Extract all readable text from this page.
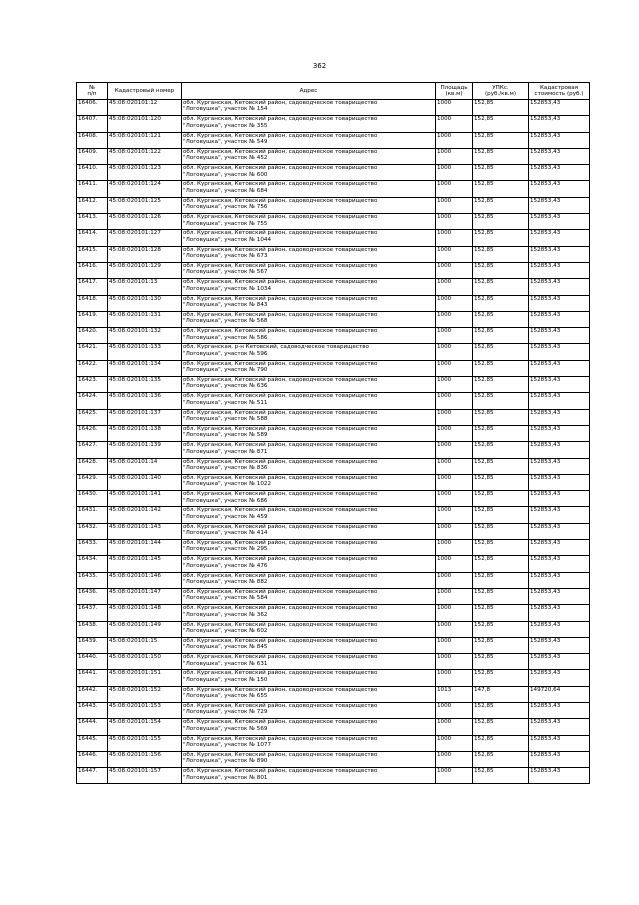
362
№
п/п	Кадастровый номер	Адрес	Площадь
(кв.м)	УПКс.
(руб./кв.м)	Кадастровая
стоимость (руб.)
16406.	45:08:020101:12	обл. Курганская, Кетовский район, садоводческое товарищество
"Логовушка", участок № 154	1000	152,85	152853,43
16407.	45:08:020101:120	обл. Курганская, Кетовский район, садоводческое товарищество
"Логовушка", участок № 355	1000	152,85	152853,43
16408.	45:08:020101:121	обл. Курганская, Кетовский район, садоводческое товарищество
"Логовушка", участок № 549	1000	152,85	152853,43
16409.	45:08:020101:122	обл. Курганская, Кетовский район, садоводческое товарищество
"Логовушка", участок № 452	1000	152,85	152853,43
16410.	45:08:020101:123	обл. Курганская, Кетовский район, садоводческое товарищество
"Логовушка", участок № 600	1000	152,85	152853,43
16411.	45:08:020101:124	обл. Курганская, Кетовский район, садоводческое товарищество
"Логовушка", участок № 684	1000	152,85	152853,43
16412.	45:08:020101:125	обл. Курганская, Кетовский район, садоводческое товарищество
"Логовушка", участок № 756	1000	152,85	152853,43
16413.	45:08:020101:126	обл. Курганская, Кетовский район, садоводческое товарищество
"Логовушка", участок № 755	1000	152,85	152853,43
16414.	45:08:020101:127	обл. Курганская, Кетовский район, садоводческое товарищество
"Логовушка", участок № 1044	1000	152,85	152853,43
16415.	45:08:020101:128	обл. Курганская, Кетовский район, садоводческое товарищество
"Логовушка", участок № 673	1000	152,85	152853,43
16416.	45:08:020101:129	обл. Курганская, Кетовский район, садоводческое товарищество
"Логовушка", участок № 567	1000	152,85	152853,43
16417.	45:08:020101:13	обл. Курганская, Кетовский район, садоводческое товарищество
"Логовушка", участок № 1034	1000	152,85	152853,43
16418.	45:08:020101:130	обл. Курганская, Кетовский район, садоводческое товарищество
"Логовушка", участок № 843	1000	152,85	152853,43
16419.	45:08:020101:131	обл. Курганская, Кетовский район, садоводческое товарищество
"Логовушка", участок № 568	1000	152,85	152853,43
16420.	45:08:020101:132	обл. Курганская, Кетовский район, садоводческое товарищество
"Логовушка", участок № 586	1000	152,85	152853,43
16421.	45:08:020101:133	обл. Курганская, р-н Кетовский, садоводческое товарищество
"Логовушка", участок № 596	1000	152,85	152853,43
16422.	45:08:020101:134	обл. Курганская, Кетовский район, садоводческое товарищество
"Логовушка", участок № 790	1000	152,85	152853,43
16423.	45:08:020101:135	обл. Курганская, Кетовский район, садоводческое товарищество
"Логовушка", участок № 636	1000	152,85	152853,43
16424.	45:08:020101:136	обл. Курганская, Кетовский район, садоводческое товарищество
"Логовушка", участок № 511	1000	152,85	152853,43
16425.	45:08:020101:137	обл. Курганская, Кетовский район, садоводческое товарищество
"Логовушка", участок № 588	1000	152,85	152853,43
16426.	45:08:020101:138	обл. Курганская, Кетовский район, садоводческое товарищество
"Логовушка", участок № 589	1000	152,85	152853,43
16427.	45:08:020101:139	обл. Курганская, Кетовский район, садоводческое товарищество
"Логовушка", участок № 871	1000	152,85	152853,43
16428.	45:08:020101:14	обл. Курганская, Кетовский район, садоводческое товарищество
"Логовушка", участок № 836	1000	152,85	152853,43
16429.	45:08:020101:140	обл. Курганская, Кетовский район, садоводческое товарищество
"Логовушка", участок № 1022	1000	152,85	152853,43
16430.	45:08:020101:141	обл. Курганская, Кетовский район, садоводческое товарищество
"Логовушка", участок № 686	1000	152,85	152853,43
16431.	45:08:020101:142	обл. Курганская, Кетовский район, садоводческое товарищество
"Логовушка", участок № 459	1000	152,85	152853,43
16432.	45:08:020101:143	обл. Курганская, Кетовский район, садоводческое товарищество
"Логовушка", участок № 414	1000	152,85	152853,43
16433.	45:08:020101:144	обл. Курганская, Кетовский район, садоводческое товарищество
"Логовушка", участок № 295	1000	152,85	152853,43
16434.	45:08:020101:145	обл. Курганская, Кетовский район, садоводческое товарищество
"Логовушка", участок № 476	1000	152,85	152853,43
16435.	45:08:020101:146	обл. Курганская, Кетовский район, садоводческое товарищество
"Логовушка", участок № 882	1000	152,85	152853,43
16436.	45:08:020101:147	обл. Курганская, Кетовский район, садоводческое товарищество
"Логовушка", участок № 584	1000	152,85	152853,43
16437.	45:08:020101:148	обл. Курганская, Кетовский район, садоводческое товарищество
"Логовушка", участок № 362	1000	152,85	152853,43
16438.	45:08:020101:149	обл. Курганская, Кетовский район, садоводческое товарищество
"Логовушка", участок № 602	1000	152,85	152853,43
16439.	45:08:020101:15	обл. Курганская, Кетовский район, садоводческое товарищество
"Логовушка", участок № 845	1000	152,85	152853,43
16440.	45:08:020101:150	обл. Курганская, Кетовский район, садоводческое товарищество
"Логовушка", участок № 631	1000	152,85	152853,43
16441.	45:08:020101:151	обл. Курганская, Кетовский район, садоводческое товарищество
"Логовушка", участок № 150	1000	152,85	152853,43
16442.	45:08:020101:152	обл. Курганская, Кетовский район, садоводческое товарищество
"Логовушка", участок № 655	1013	147,8	149720,64
16443.	45:08:020101:153	обл. Курганская, Кетовский район, садоводческое товарищество
"Логовушка", участок № 729	1000	152,85	152853,43
16444.	45:08:020101:154	обл. Курганская, Кетовский район, садоводческое товарищество
"Логовушка", участок № 569	1000	152,85	152853,43
16445.	45:08:020101:155	обл. Курганская, Кетовский район, садоводческое товарищество
"Логовушка", участок № 1077	1000	152,85	152853,43
16446.	45:08:020101:156	обл. Курганская, Кетовский район, садоводческое товарищество
"Логовушка", участок № 890	1000	152,85	152853,43
16447.	45:08:020101:157	обл. Курганская, Кетовский район, садоводческое товарищество
"Логовушка", участок № 801	1000	152,85	152853,43
